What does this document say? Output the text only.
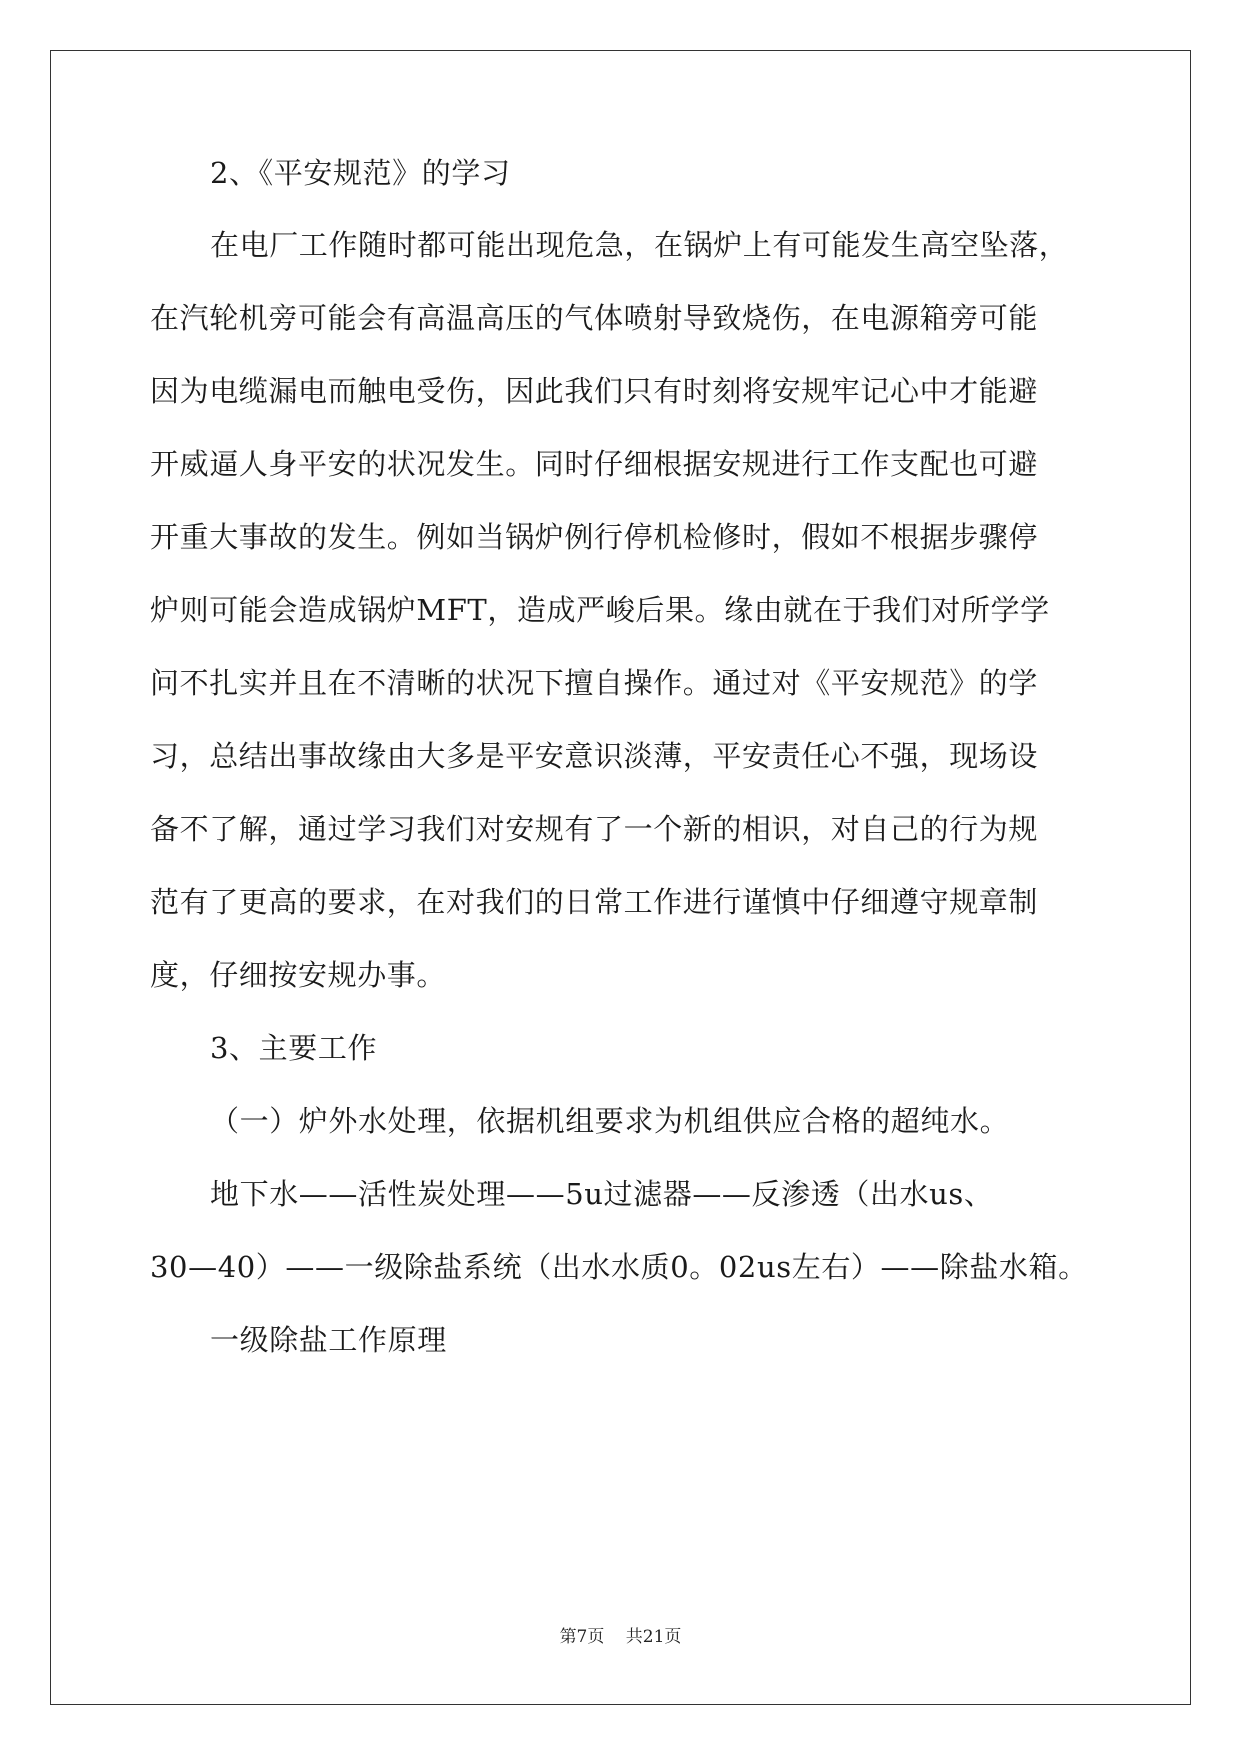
2、《平安规范》的学习
在电厂工作随时都可能出现危急，在锅炉上有可能发生高空坠落，
在汽轮机旁可能会有高温高压的气体喷射导致烧伤，在电源箱旁可能
因为电缆漏电而触电受伤，因此我们只有时刻将安规牢记心中才能避
开威逼人身平安的状况发生。同时仔细根据安规进行工作支配也可避
开重大事故的发生。例如当锅炉例行停机检修时，假如不根据步骤停
炉则可能会造成锅炉MFT，造成严峻后果。缘由就在于我们对所学学
问不扎实并且在不清晰的状况下擅自操作。通过对《平安规范》的学
习，总结出事故缘由大多是平安意识淡薄，平安责任心不强，现场设
备不了解，通过学习我们对安规有了一个新的相识，对自己的行为规
范有了更高的要求，在对我们的日常工作进行谨慎中仔细遵守规章制
度，仔细按安规办事。
3、主要工作
（一）炉外水处理，依据机组要求为机组供应合格的超纯水。
地下水——活性炭处理——5u过滤器——反渗透（出水us、
30—40）——一级除盐系统（出水水质0。02us左右）——除盐水箱。
一级除盐工作原理
第7页 共21页
